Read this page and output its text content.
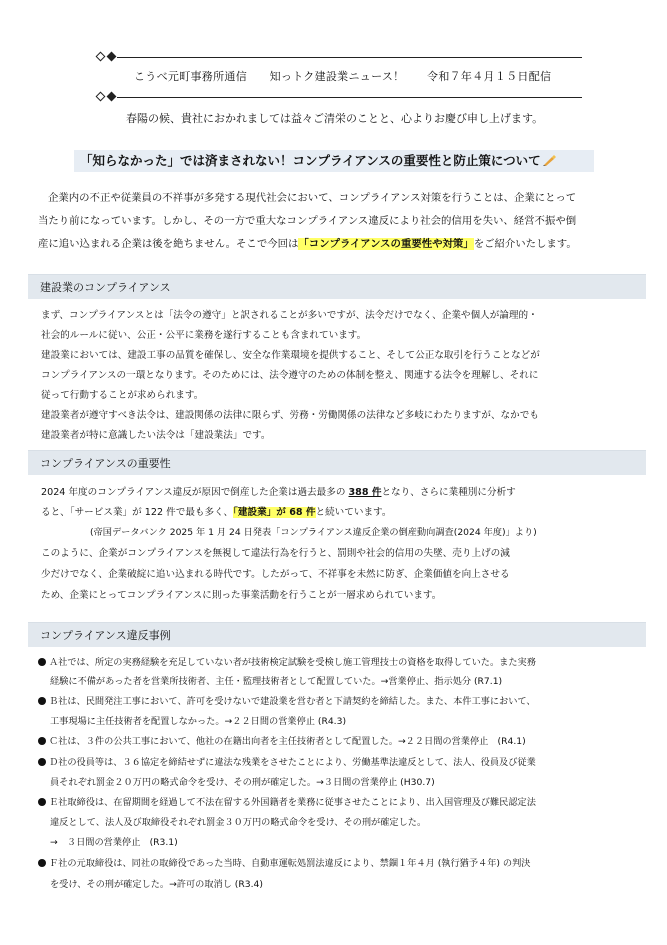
こうべ元町事務所通信　　知っトク建設業ニュース！　　令和７年４月１５日配信
春陽の候、貴社におかれましては益々ご清栄のことと、心よりお慶び申し上げます。
「知らなかった」では済まされない！コンプライアンスの重要性と防止策について
企業内の不正や従業員の不祥事が多発する現代社会において、コンプライアンス対策を行うことは、企業にとって
当たり前になっています。しかし、その一方で重大なコンプライアンス違反により社会的信用を失い、経営不振や倒
産に追い込まれる企業は後を絶ちません。そこで今回は「コンプライアンスの重要性や対策」をご紹介いたします。
建設業のコンプライアンス
まず、コンプライアンスとは「法令の遵守」と訳されることが多いですが、法令だけでなく、企業や個人が論理的・
社会的ルールに従い、公正・公平に業務を遂行することも含まれています。
建設業においては、建設工事の品質を確保し、安全な作業環境を提供すること、そして公正な取引を行うことなどが
コンプライアンスの一環となります。そのためには、法令遵守のための体制を整え、関連する法令を理解し、それに
従って行動することが求められます。
建設業者が遵守すべき法令は、建設関係の法律に限らず、労務・労働関係の法律など多岐にわたりますが、なかでも
建設業者が特に意識したい法令は「建設業法」です。
コンプライアンスの重要性
2024 年度のコンプライアンス違反が原因で倒産した企業は過去最多の 388 件となり、さらに業種別に分析す
ると、「サービス業」が 122 件で最も多く、「建設業」が 68 件と続いています。
(帝国データバンク 2025 年 1 月 24 日発表「コンプライアンス違反企業の倒産動向調査(2024 年度)」より)
このように、企業がコンプライアンスを無視して違法行為を行うと、罰則や社会的信用の失墜、売り上げの減
少だけでなく、企業破綻に追い込まれる時代です。したがって、不祥事を未然に防ぎ、企業価値を向上させる
ため、企業にとってコンプライアンスに則った事業活動を行うことが一層求められています。
コンプライアンス違反事例
Ａ社では、所定の実務経験を充足していない者が技術検定試験を受検し施工管理技士の資格を取得していた。また実務
経験に不備があった者を営業所技術者、主任・監理技術者として配置していた。→営業停止、指示処分 (R7.1)
Ｂ社は、民間発注工事において、許可を受けないで建設業を営む者と下請契約を締結した。また、本件工事において、
工事現場に主任技術者を配置しなかった。→２２日間の営業停止 (R4.3)
Ｃ社は、３件の公共工事において、他社の在籍出向者を主任技術者として配置した。→２２日間の営業停止　(R4.1)
Ｄ社の役員等は、３６協定を締結せずに違法な残業をさせたことにより、労働基準法違反として、法人、役員及び従業
員それぞれ罰金２０万円の略式命令を受け、その刑が確定した。→３日間の営業停止 (H30.7)
Ｅ社取締役は、在留期間を経過して不法在留する外国籍者を業務に従事させたことにより、出入国管理及び難民認定法
違反として、法人及び取締役それぞれ罰金３０万円の略式命令を受け、その刑が確定した。
→　３日間の営業停止　(R3.1)
Ｆ社の元取締役は、同社の取締役であった当時、自動車運転処罰法違反により、禁錮１年４月 (執行猶予４年) の判決
を受け、その刑が確定した。→許可の取消し (R3.4)
